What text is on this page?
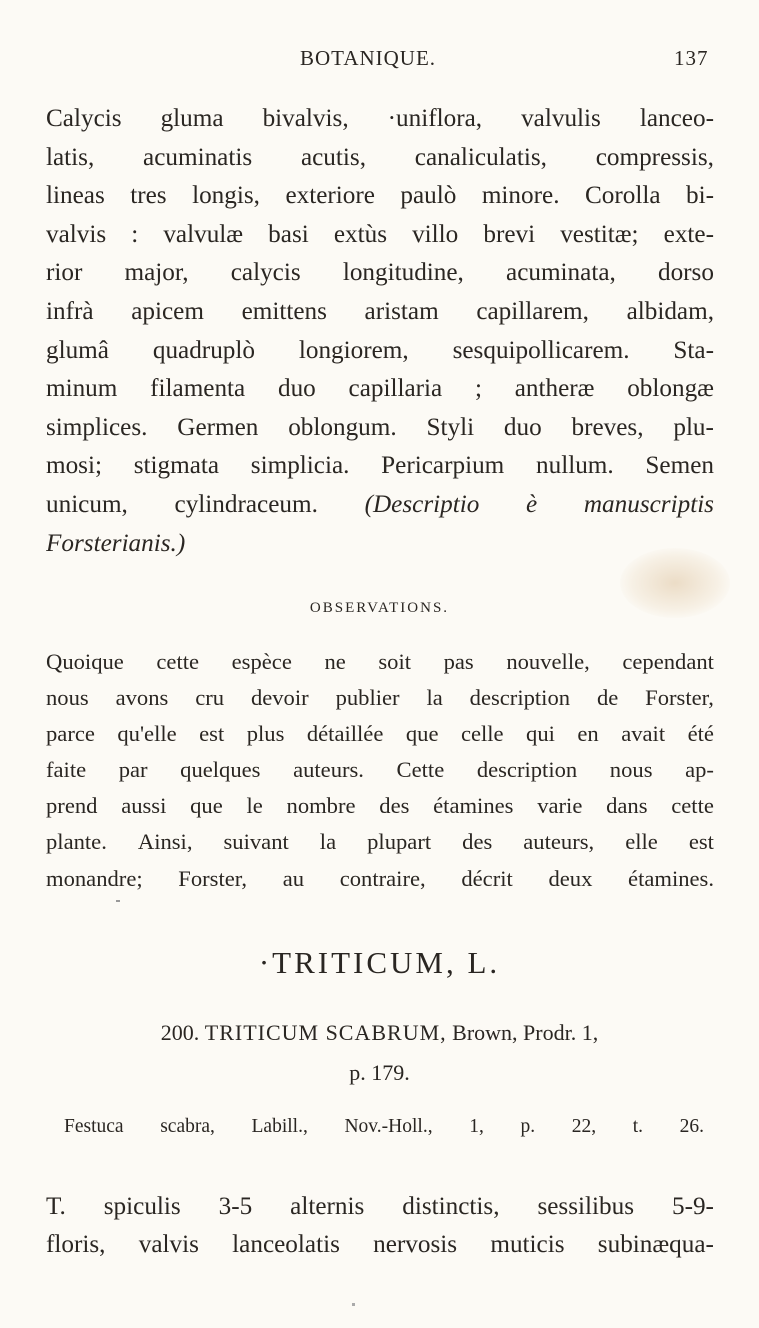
BOTANIQUE.	137
Calycis gluma bivalvis, ·uniflora, valvulis lanceo-
latis, acuminatis acutis, canaliculatis, compressis,
lineas tres longis, exteriore paulò minore. Corolla bi-
valvis : valvulæ basi extùs villo brevi vestitæ; exte-
rior major, calycis longitudine, acuminata, dorso
infrà apicem emittens aristam capillarem, albidam,
glumâ quadruplò longiorem, sesquipollicarem. Sta-
minum filamenta duo capillaria ; antheræ oblongæ
simplices. Germen oblongum. Styli duo breves, plu-
mosi; stigmata simplicia. Pericarpium nullum. Semen
unicum, cylindraceum. (Descriptio è manuscriptis
Forsterianis.)
OBSERVATIONS.
Quoique cette espèce ne soit pas nouvelle, cependant
nous avons cru devoir publier la description de Forster,
parce qu'elle est plus détaillée que celle qui en avait été
faite par quelques auteurs. Cette description nous ap-
prend aussi que le nombre des étamines varie dans cette
plante. Ainsi, suivant la plupart des auteurs, elle est
monandre; Forster, au contraire, décrit deux étamines.
·TRITICUM, L.
200. TRITICUM SCABRUM, Brown, Prodr. 1,
p. 179.
Festuca scabra, Labill., Nov.-Holl., 1, p. 22, t. 26.
T. spiculis 3-5 alternis distinctis, sessilibus 5-9-
floris, valvis lanceolatis nervosis muticis subinæqua-
